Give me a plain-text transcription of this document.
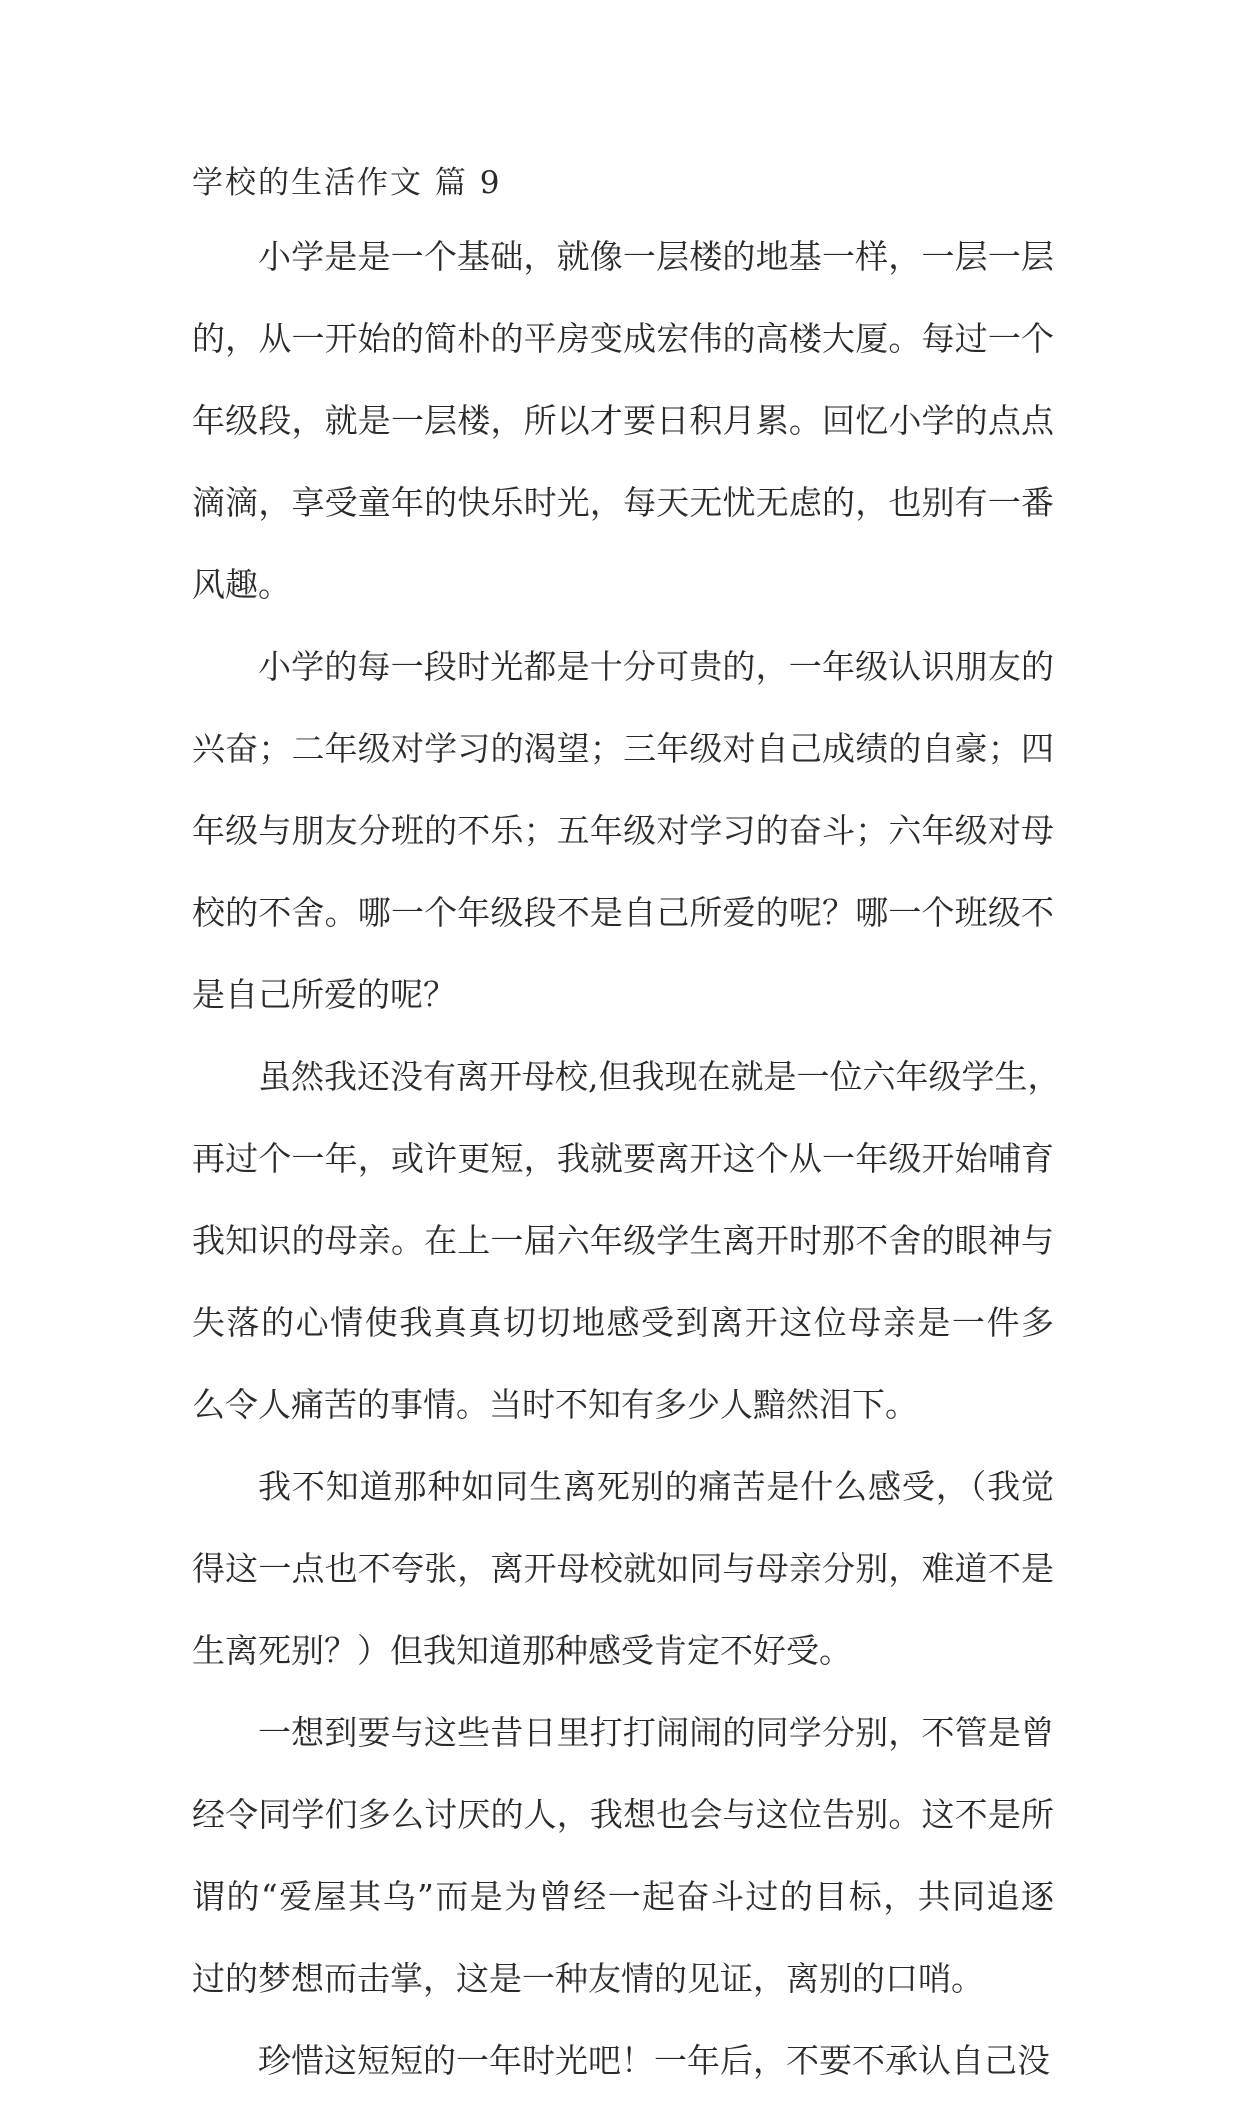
学校的生活作文 篇 9
小学是是一个基础，就像一层楼的地基一样，一层一层
的，从一开始的简朴的平房变成宏伟的高楼大厦。每过一个
年级段，就是一层楼，所以才要日积月累。回忆小学的点点
滴滴，享受童年的快乐时光，每天无忧无虑的，也别有一番
风趣。
小学的每一段时光都是十分可贵的，一年级认识朋友的
兴奋；二年级对学习的渴望；三年级对自己成绩的自豪；四
年级与朋友分班的不乐；五年级对学习的奋斗；六年级对母
校的不舍。哪一个年级段不是自己所爱的呢？哪一个班级不
是自己所爱的呢？
虽然我还没有离开母校,但我现在就是一位六年级学生，
再过个一年，或许更短，我就要离开这个从一年级开始哺育
我知识的母亲。在上一届六年级学生离开时那不舍的眼神与
失落的心情使我真真切切地感受到离开这位母亲是一件多
么令人痛苦的事情。当时不知有多少人黯然泪下。
我不知道那种如同生离死别的痛苦是什么感受，（我觉
得这一点也不夸张，离开母校就如同与母亲分别，难道不是
生离死别？）但我知道那种感受肯定不好受。
一想到要与这些昔日里打打闹闹的同学分别，不管是曾
经令同学们多么讨厌的人，我想也会与这位告别。这不是所
谓的“爱屋其乌”而是为曾经一起奋斗过的目标，共同追逐
过的梦想而击掌，这是一种友情的见证，离别的口哨。
珍惜这短短的一年时光吧！一年后，不要不承认自己没
